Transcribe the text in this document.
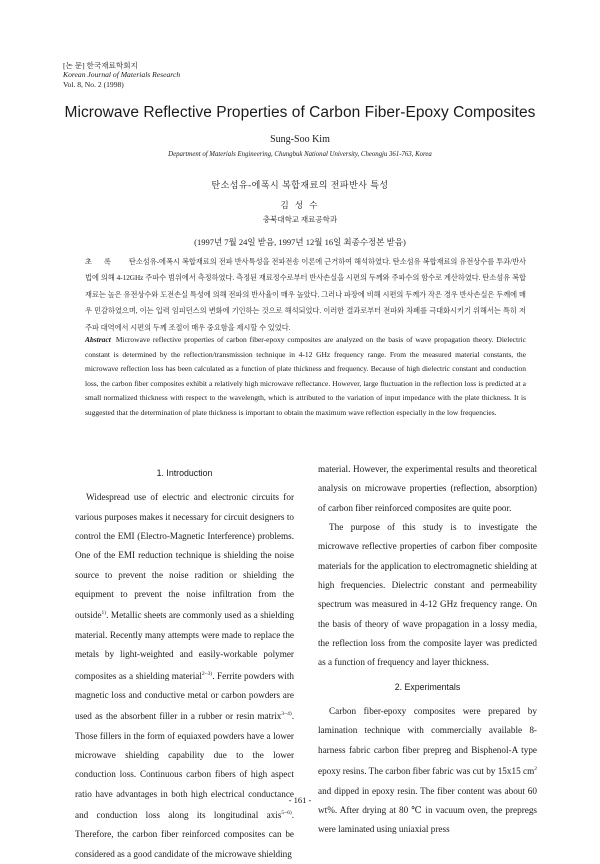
[논 문] 한국재료학회지
Korean Journal of Materials Research
Vol. 8, No. 2 (1998)
Microwave Reflective Properties of Carbon Fiber-Epoxy Composites
Sung-Soo Kim
Department of Materials Engineering, Chungbuk National University, Cheongju 361-763, Korea
탄소섬유-에폭시 복합재료의 전파반사 특성
김 성 수
충북대학교 재료공학과
(1997년 7월 24일 받음, 1997년 12월 16일 최종수정본 받음)
초록 탄소섬유-에폭시 복합재료의 전파 반사특성을 전파전송 이론에 근거하여 해석하였다. 탄소섬유 복합재료의 유전상수를 투과/반사법에 의해 4-12GHz 주파수 범위에서 측정하였다. 측정된 재료정수로부터 반사손실을 시편의 두께와 주파수의 함수로 계산하였다. 탄소섬유 복합재료는 높은 유전상수와 도전손실 특성에 의해 전파의 반사율이 매우 높았다. 그러나 파장에 비해 시편의 두께가 작은 경우 반사손실은 두께에 매우 민감하였으며, 이는 입력 임피던스의 변화에 기인하는 것으로 해석되었다. 이러한 결과로부터 전파와 차폐를 극대화시키기 위해서는 특히 저주파 대역에서 시편의 두께 조절이 매우 중요함을 제시할 수 있었다.
Abstract Microwave reflective properties of carbon fiber-epoxy composites are analyzed on the basis of wave propagation theory. Dielectric constant is determined by the reflection/transmission technique in 4-12 GHz frequency range. From the measured material constants, the microwave reflection loss has been calculated as a function of plate thickness and frequency. Because of high dielectric constant and conduction loss, the carbon fiber composites exhibit a relatively high microwave reflectance. However, large fluctuation in the reflection loss is predicted at a small normalized thickness with respect to the wavelength, which is attributed to the variation of input impedance with the plate thickness. It is suggested that the determination of plate thickness is important to obtain the maximum wave reflection especially in the low frequencies.
1. Introduction

Widespread use of electric and electronic circuits for various purposes makes it necessary for circuit designers to control the EMI (Electro-Magnetic Interference) problems. One of the EMI reduction technique is shielding the noise source to prevent the noise radition or shielding the equipment to prevent the noise infiltration from the outside$^{1)}$. Metallic sheets are commonly used as a shielding material. Recently many attempts were made to replace the metals by light-weighted and easily-workable polymer composites as a shielding material$^{2\sim 3)}$. Ferrite powders with magnetic loss and conductive metal or carbon powders are used as the absorbent filler in a rubber or resin matrix$^{3\sim 4)}$. Those fillers in the form of equiaxed powders have a lower microwave shielding capability due to the lower conduction loss. Continuous carbon fibers of high aspect ratio have advantages in both high electrical conductance and conduction loss along its longitudinal axis$^{5\sim 6)}$. Therefore, the carbon fiber reinforced composites can be considered as a good candidate of the microwave shielding

material. However, the experimental results and theoretical analysis on microwave properties (reflection, absorption) of carbon fiber reinforced composites are quite poor.

The purpose of this study is to investigate the microwave reflective properties of carbon fiber composite materials for the application to electromagnetic shielding at high frequencies. Dielectric constant and permeability spectrum was measured in 4-12 GHz frequency range. On the basis of theory of wave propagation in a lossy media, the reflection loss from the composite layer was predicted as a function of frequency and layer thickness.

2. Experimentals

Carbon fiber-epoxy composites were prepared by lamination technique with commercially available 8-harness fabric carbon fiber prepreg and Bisphenol-A type epoxy resins. The carbon fiber fabric was cut by 15x15 $cm^2$ and dipped in epoxy resin. The fiber content was about 60 wt%. After drying at 80 ℃ in vacuum oven, the prepregs were laminated using uniaxial press

- 161 -
